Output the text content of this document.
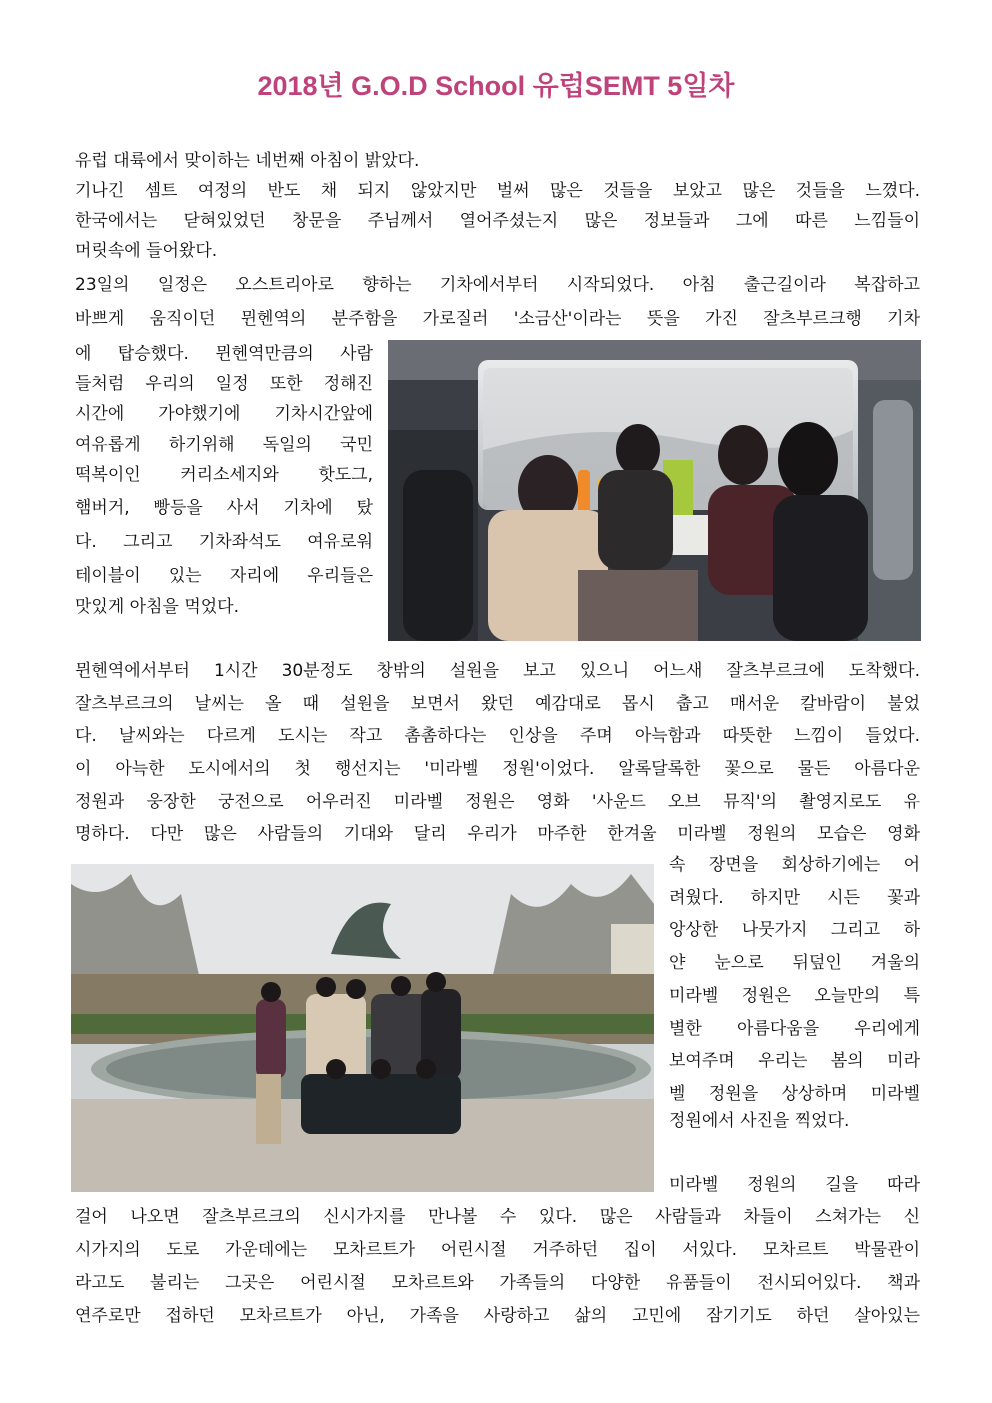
2018년 G.O.D School 유럽SEMT 5일차
유럽 대륙에서 맞이하는 네번째 아침이 밝았다.
기나긴 셈트 여정의 반도 채 되지 않았지만 벌써 많은 것들을 보았고 많은 것들을 느꼈다.
한국에서는 닫혀있었던 창문을 주님께서 열어주셨는지 많은 정보들과 그에 따른 느낌들이
머릿속에 들어왔다.
23일의 일정은 오스트리아로 향하는 기차에서부터 시작되었다. 아침 출근길이라 복잡하고
바쁘게 움직이던 뮌헨역의 분주함을 가로질러 '소금산'이라는 뜻을 가진 잘츠부르크행 기차
에 탑승했다. 뮌헨역만큼의 사람
들처럼 우리의 일정 또한 정해진
시간에 가야했기에 기차시간앞에
여유롭게 하기위해 독일의 국민
떡복이인 커리소세지와 핫도그,
햄버거, 빵등을 사서 기차에 탔
다. 그리고 기차좌석도 여유로워
테이블이 있는 자리에 우리들은
맛있게 아침을 먹었다.
뮌헨역에서부터 1시간 30분정도 창밖의 설원을 보고 있으니 어느새 잘츠부르크에 도착했다.
잘츠부르크의 날씨는 올 때 설원을 보면서 왔던 예감대로 몹시 춥고 매서운 칼바람이 불었
다. 날씨와는 다르게 도시는 작고 촘촘하다는 인상을 주며 아늑함과 따뜻한 느낌이 들었다.
이 아늑한 도시에서의 첫 행선지는 '미라벨 정원'이었다. 알록달록한 꽃으로 물든 아름다운
정원과 웅장한 궁전으로 어우러진 미라벨 정원은 영화 '사운드 오브 뮤직'의 촬영지로도 유
명하다. 다만 많은 사람들의 기대와 달리 우리가 마주한 한겨울 미라벨 정원의 모습은 영화
속 장면을 회상하기에는 어
려웠다. 하지만 시든 꽃과
앙상한 나뭇가지 그리고 하
얀 눈으로 뒤덮인 겨울의
미라벨 정원은 오늘만의 특
별한 아름다움을 우리에게
보여주며 우리는 봄의 미라
벨 정원을 상상하며 미라벨
정원에서 사진을 찍었다.
미라벨 정원의 길을 따라
걸어 나오면 잘츠부르크의 신시가지를 만나볼 수 있다. 많은 사람들과 차들이 스쳐가는 신
시가지의 도로 가운데에는 모차르트가 어린시절 거주하던 집이 서있다. 모차르트 박물관이
라고도 불리는 그곳은 어린시절 모차르트와 가족들의 다양한 유품들이 전시되어있다. 책과
연주로만 접하던 모차르트가 아닌, 가족을 사랑하고 삶의 고민에 잠기기도 하던 살아있는
